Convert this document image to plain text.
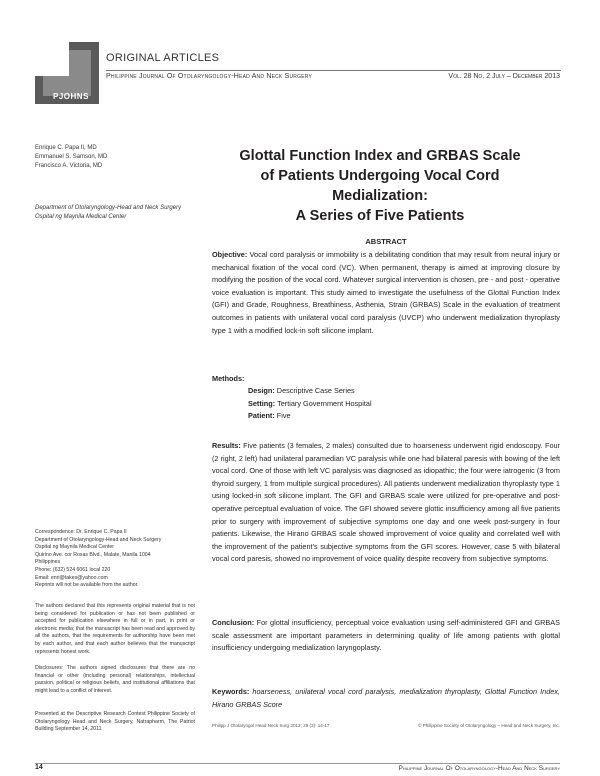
PJOHNS
ORIGINAL ARTICLES
Philippine Journal Of Otolaryngology-Head And Neck Surgery	Vol. 28 No. 2 July – December 2013
Enrique C. Papa II, MD
Emmanuel S. Samson, MD
Francisco A. Victoria, MD
Department of Otolaryngology-Head and Neck Surgery
Ospital ng Maynila Medical Center
Correspondence: Dr. Enrique C. Papa II
Department of Otolaryngology-Head and Neck Surgery
Ospital ng Maynila Medical Center
Quirino Ave. cor Roxas Blvd., Malate, Manila 1004
Philippines
Phone: (632) 524 6061 local 220
Email: enri@takes@yahoo.com
Reprints will not be available from the author.
The authors declared that this represents original material that is not being considered for publication or has not been published or accepted for publication elsewhere in full or in part, in print or electronic media; that the manuscript has been read and approved by all the authors, that the requirements for authorship have been met by each author, and that each author believes that the manuscript represents honest work.
Disclosures: The authors signed disclosures that there are no financial or other (including personal) relationships, intellectual passion, political or religious beliefs, and institutional affiliations that might lead to a conflict of interest.
Presented at the Descriptive Research Contest Philippine Society of Otolaryngology Head and Neck Surgery, Natrapharm, The Patriot Building September 14, 2011
Glottal Function Index and GRBAS Scale
of Patients Undergoing Vocal Cord Medialization:
A Series of Five Patients
ABSTRACT
Objective: Vocal cord paralysis or immobility is a debilitating condition that may result from neural injury or mechanical fixation of the vocal cord (VC). When permanent, therapy is aimed at improving closure by modifying the position of the vocal cord. Whatever surgical intervention is chosen, pre - and post - operative voice evaluation is important. This study aimed to investigate the usefulness of the Glottal Function Index (GFI) and Grade, Roughness, Breathiness, Asthenia, Strain (GRBAS) Scale in the evaluation of treatment outcomes in patients with unilateral vocal cord paralysis (UVCP) who underwent medialization thyroplasty type 1 with a modified lock-in soft silicone implant.
Methods:
Design: Descriptive Case Series
Setting: Tertiary Government Hospital
Patient: Five
Results: Five patients (3 females, 2 males) consulted due to hoarseness underwent rigid endoscopy. Four (2 right, 2 left) had unilateral paramedian VC paralysis while one had bilateral paresis with bowing of the left vocal cord. One of those with left VC paralysis was diagnosed as idiopathic; the four were iatrogenic (3 from thyroid surgery, 1 from multiple surgical procedures). All patients underwent medialization thyroplasty type 1 using locked-in soft silicone implant. The GFI and GRBAS scale were utilized for pre-operative and post-operative perceptual evaluation of voice. The GFI showed severe glottic insufficiency among all five patients prior to surgery with improvement of subjective symptoms one day and one week post-surgery in four patients. Likewise, the Hirano GRBAS scale showed improvement of voice quality and correlated well with the improvement of the patient’s subjective symptoms from the GFI scores. However, case 5 with bilateral vocal cord paresis, showed no improvement of voice quality despite recovery from subjective symptoms.
Conclusion: For glottal insufficiency, perceptual voice evaluation using self-administered GFI and GRBAS scale assessment are important parameters in determining quality of life among patients with glottal insufficiency undergoing medialization laryngoplasty.
Keywords: hoarseness, unilateral vocal cord paralysis, medialization thyroplasty, Glottal Function Index, Hirano GRBAS Score
Philipp J Otolaryngol Head Neck Surg 2013; 28 (2): 14-17	© Philippine Society of Otolaryngology – Head and Neck Surgery, Inc.
14	Philippine Journal Of Otolaryngology-Head And Neck Surgery
